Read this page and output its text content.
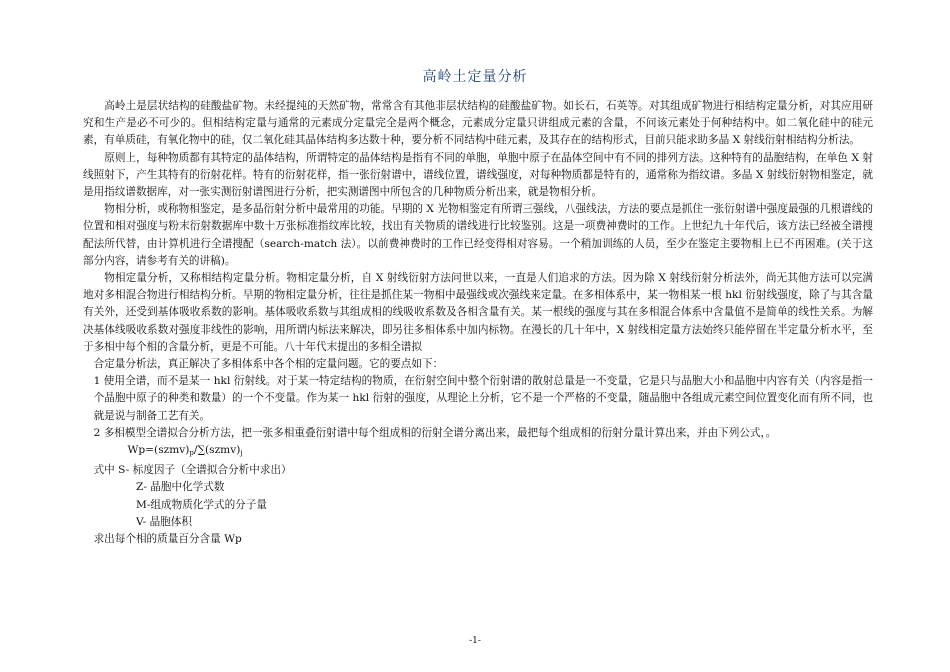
高岭土定量分析

高岭土是层状结构的硅酸盐矿物。未经提纯的天然矿物，常常含有其他非层状结构的硅酸盐矿物。如长石，石英等。对其组成矿物进行相结构定量分析，对其应用研究和生产是必不可少的。但相结构定量与通常的元素成分定量完全是两个概念，元素成分定量只讲组成元素的含量，不问该元素处于何种结构中。如二氧化硅中的硅元素，有单质硅，有氧化物中的硅，仅二氧化硅其晶体结构多达数十种，要分析不同结构中硅元素，及其存在的结构形式，目前只能求助多晶 X 射线衍射相结构分析法。

原则上，每种物质都有其特定的晶体结构，所谓特定的晶体结构是指有不同的单胞，单胞中原子在晶体空间中有不同的排列方法。这种特有的晶胞结构，在单色 X 射线照射下，产生其特有的衍射花样。特有的衍射花样，指一张衍射谱中，谱线位置，谱线强度，对每种物质都是特有的，通常称为指纹谱。多晶 X 射线衍射物相鉴定，就是用指纹谱数据库，对一张实测衍射谱图进行分析，把实测谱图中所包含的几种物质分析出来，就是物相分析。

物相分析，或称物相鉴定，是多晶衍射分析中最常用的功能。早期的 X 光物相鉴定有所谓三强线，八强线法，方法的要点是抓住一张衍射谱中强度最强的几根谱线的位置和相对强度与粉末衍射数据库中数十万张标准指纹库比较，找出有关物质的谱线进行比较鉴别。这是一项费神费时的工作。上世纪九十年代后，该方法已经被全谱搜配法所代替，由计算机进行全谱搜配（search-match 法）。以前费神费时的工作已经变得相对容易。一个稍加训练的人员，至少在鉴定主要物相上已不再困难。(关于这部分内容，请参考有关的讲稿)。

物相定量分析，又称相结构定量分析。物相定量分析，自 X 射线衍射方法问世以来，一直是人们追求的方法。因为除 X 射线衍射分析法外，尚无其他方法可以完满地对多相混合物进行相结构分析。早期的物相定量分析，往往是抓住某一物相中最强线或次强线来定量。在多相体系中，某一物相某一根 hkl 衍射线强度，除了与其含量有关外，还受到基体吸收系数的影响。基体吸收系数与其组成相的线吸收系数及各相含量有关。某一根线的强度与其在多相混合体系中含量值不是简单的线性关系。为解决基体线吸收系数对强度非线性的影响，用所谓内标法来解决，即另往多相体系中加内标物。在漫长的几十年中，X 射线相定量方法始终只能停留在半定量分析水平，至于多相中每个相的含量分析，更是不可能。八十年代末提出的多相全谱拟

合定量分析法，真正解决了多相体系中各个相的定量问题。它的要点如下：

1 使用全谱，而不是某一 hkl 衍射线。对于某一特定结构的物质，在衍射空间中整个衍射谱的散射总量是一不变量，它是只与晶胞大小和晶胞中内容有关（内容是指一个晶胞中原子的种类和数量）的一个不变量。作为某一 hkl 衍射的强度，从理论上分析，它不是一个严格的不变量，随晶胞中各组成元素空间位置变化而有所不同，也就是说与制备工艺有关。

2 多相模型全谱拟合分析方法，把一张多相重叠衍射谱中每个组成相的衍射全谱分离出来，最把每个组成相的衍射分量计算出来，并由下列公式，。

$Wp=(szmv)_p/\sum(szmv)_j$

式中 S- 标度因子（全谱拟合分析中求出）

Z- 晶胞中化学式数

M-组成物质化学式的分子量

V- 晶胞体积

求出每个相的质量百分含量 Wp

-1-
